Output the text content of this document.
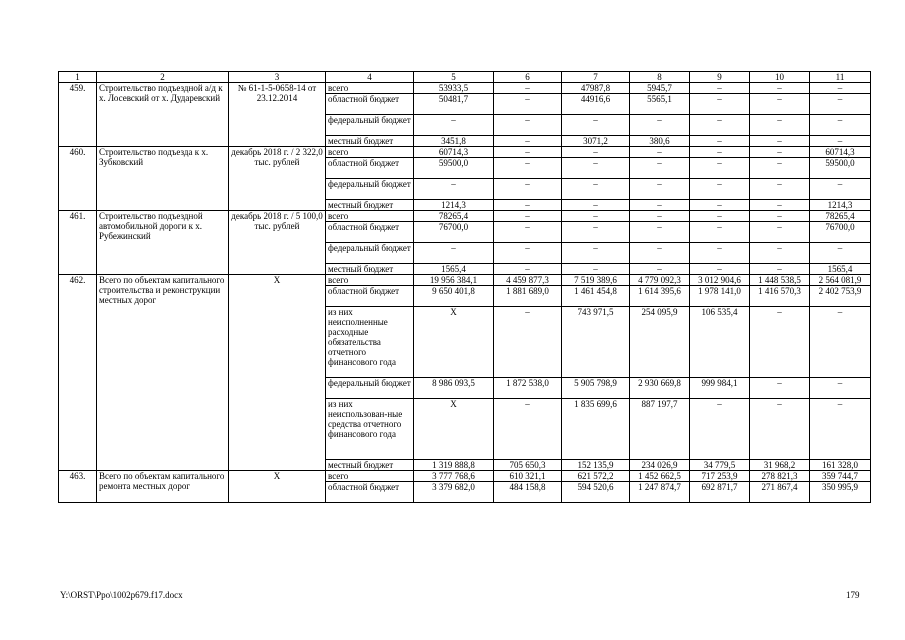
1	2	3	4	5	6	7	8	9	10	11
459.	Строительство подъездной а/д к х. Лосевский от х. Дударевский	№ 61-1-5-0658-14 от 23.12.2014	всего	53933,5	–	47987,8	5945,7	–	–	–
			областной бюджет	50481,7	–	44916,6	5565,1	–	–	–
			федеральный бюджет	–	–	–	–	–	–	–
			местный бюджет	3451,8	–	3071,2	380,6	–	–	–
460.	Строительство подъезда к х. Зубковский	декабрь 2018 г. / 2 322,0 тыс. рублей	всего	60714,3	–	–	–	–	–	60714,3
			областной бюджет	59500,0	–	–	–	–	–	59500,0
			федеральный бюджет	–	–	–	–	–	–	–
			местный бюджет	1214,3	–	–	–	–	–	1214,3
461.	Строительство подъездной автомобильной дороги к х. Рубежинский	декабрь 2018 г. / 5 100,0 тыс. рублей	всего	78265,4	–	–	–	–	–	78265,4
			областной бюджет	76700,0	–	–	–	–	–	76700,0
			федеральный бюджет	–	–	–	–	–	–	–
			местный бюджет	1565,4	–	–	–	–	–	1565,4
462.	Всего по объектам капитального строительства и реконструкции местных дорог	Х	всего	19 956 384,1	4 459 877,3	7 519 389,6	4 779 092,3	3 012 904,6	1 448 538,5	2 564 081,9
			областной бюджет	9 650 401,8	1 881 689,0	1 461 454,8	1 614 395,6	1 978 141,0	1 416 570,3	2 402 753,9
			из них неисполненные расходные обязательства отчетного финансового года	Х	–	743 971,5	254 095,9	106 535,4	–	–
			федеральный бюджет	8 986 093,5	1 872 538,0	5 905 798,9	2 930 669,8	999 984,1	–	–
			из них неиспользован-ные средства отчетного финансового года	Х	–	1 835 699,6	887 197,7	–	–	–
			местный бюджет	1 319 888,8	705 650,3	152 135,9	234 026,9	34 779,5	31 968,2	161 328,0
463.	Всего по объектам капитального ремонта местных дорог	Х	всего	3 777 768,6	610 321,1	621 572,2	1 452 662,5	717 253,9	278 821,3	359 744,7
			областной бюджет	3 379 682,0	484 158,8	594 520,6	1 247 874,7	692 871,7	271 867,4	350 995,9
Y:\ORST\Ppo\1002p679.f17.docx	179
